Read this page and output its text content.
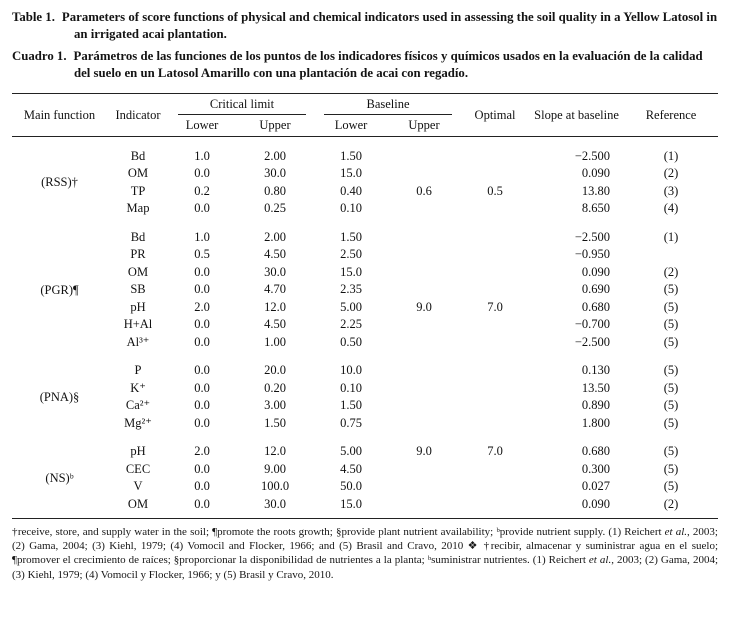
Table 1. Parameters of score functions of physical and chemical indicators used in assessing the soil quality in a Yellow Latosol in an irrigated acai plantation.
Cuadro 1. Parámetros de las funciones de los puntos de los indicadores físicos y químicos usados en la evaluación de la calidad del suelo en un Latosol Amarillo con una plantación de acai con regadío.
Main function	Indicator	Critical limit		Baseline		Optimal	Slope at baseline	Reference
		Lower	Upper	Lower	Upper			

(RSS)†	Bd	1.0	2.00	1.50			−2.500	(1)
	OM	0.0	30.0	15.0			0.090	(2)
	TP	0.2	0.80	0.40	0.6	0.5	13.80	(3)
	Map	0.0	0.25	0.10			8.650	(4)

(PGR)¶	Bd	1.0	2.00	1.50			−2.500	(1)
	PR	0.5	4.50	2.50			−0.950	
	OM	0.0	30.0	15.0			0.090	(2)
	SB	0.0	4.70	2.35			0.690	(5)
	pH	2.0	12.0	5.00	9.0	7.0	0.680	(5)
	H+Al	0.0	4.50	2.25			−0.700	(5)
	Al³⁺	0.0	1.00	0.50			−2.500	(5)

(PNA)§	P	0.0	20.0	10.0			0.130	(5)
	K⁺	0.0	0.20	0.10			13.50	(5)
	Ca²⁺	0.0	3.00	1.50			0.890	(5)
	Mg²⁺	0.0	1.50	0.75			1.800	(5)

(NS)ᵇ	pH	2.0	12.0	5.00	9.0	7.0	0.680	(5)
	CEC	0.0	9.00	4.50			0.300	(5)
	V	0.0	100.0	50.0			0.027	(5)
	OM	0.0	30.0	15.0			0.090	(2)

†receive, store, and supply water in the soil; ¶promote the roots growth; §provide plant nutrient availability; ᵇprovide nutrient supply. (1) Reichert et al., 2003; (2) Gama, 2004; (3) Kiehl, 1979; (4) Vomocil and Flocker, 1966; and (5) Brasil and Cravo, 2010 ❖ †recibir, almacenar y suministrar agua en el suelo; ¶promover el crecimiento de raíces; §proporcionar la disponibilidad de nutrientes a la planta; ᵇsuministrar nutrientes. (1) Reichert et al., 2003; (2) Gama, 2004; (3) Kiehl, 1979; (4) Vomocil y Flocker, 1966; y (5) Brasil y Cravo, 2010.
